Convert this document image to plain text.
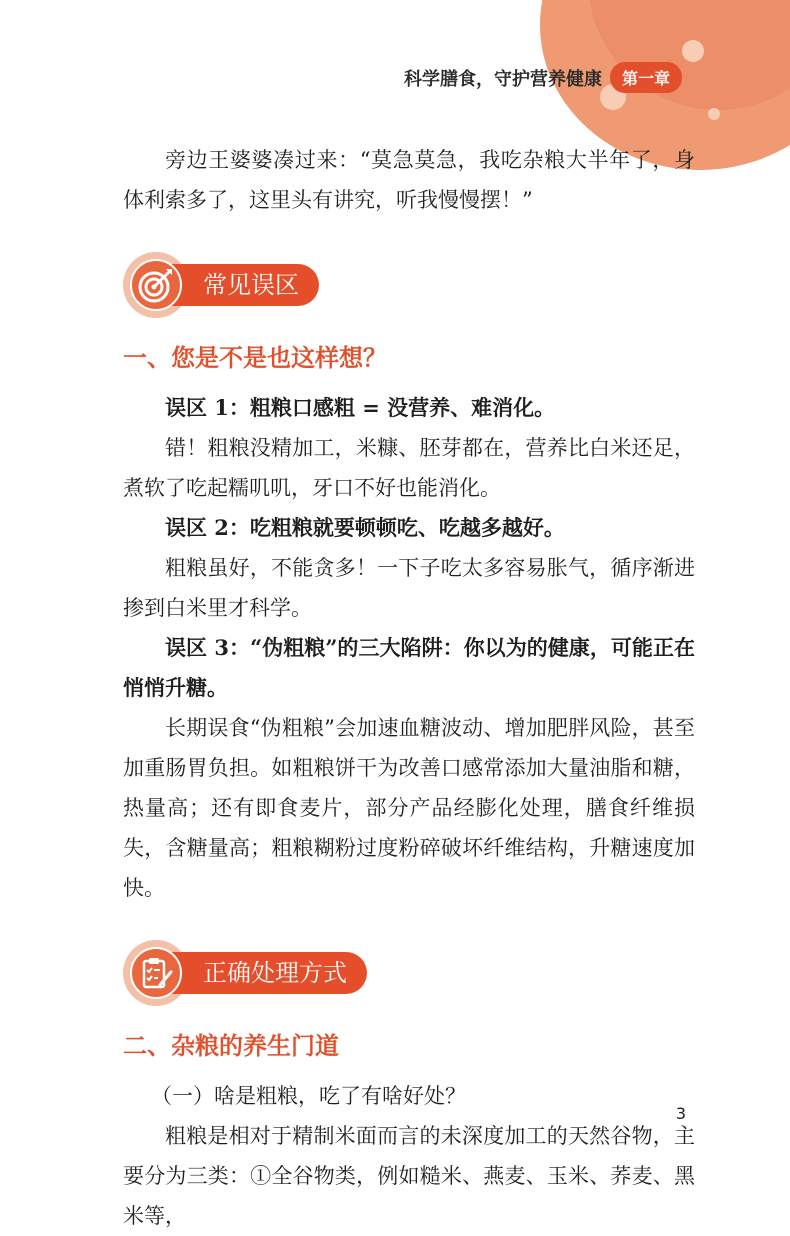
科学膳食，守护营养健康	第一章

旁边王婆婆凑过来：“莫急莫急，我吃杂粮大半年了，身体利索多了，这里头有讲究，听我慢慢摆！”

常见误区
一、您是不是也这样想？

误区 1：粗粮口感粗 = 没营养、难消化。

错！粗粮没精加工，米糠、胚芽都在，营养比白米还足，煮软了吃起糯叽叽，牙口不好也能消化。

误区 2：吃粗粮就要顿顿吃、吃越多越好。

粗粮虽好，不能贪多！一下子吃太多容易胀气，循序渐进掺到白米里才科学。

误区 3：“伪粗粮”的三大陷阱：你以为的健康，可能正在悄悄升糖。

长期误食“伪粗粮”会加速血糖波动、增加肥胖风险，甚至加重肠胃负担。如粗粮饼干为改善口感常添加大量油脂和糖，热量高；还有即食麦片，部分产品经膨化处理，膳食纤维损失，含糖量高；粗粮糊粉过度粉碎破坏纤维结构，升糖速度加快。

正确处理方式
二、杂粮的养生门道
（一）啥是粗粮，吃了有啥好处？

粗粮是相对于精制米面而言的未深度加工的天然谷物，主要分为三类：①全谷物类，例如糙米、燕麦、玉米、荞麦、黑米等，

3
